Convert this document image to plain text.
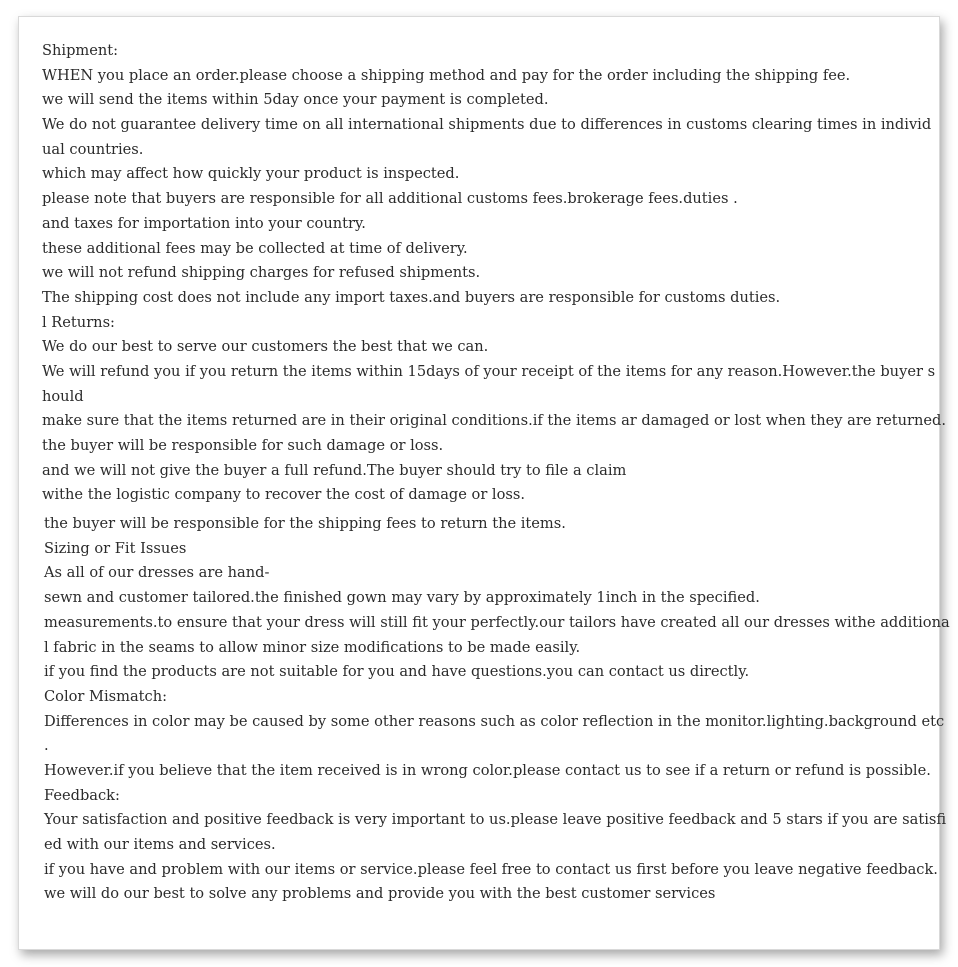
Shipment:
WHEN you place an order.please choose a shipping method and pay for the order including the shipping fee.
we will send the items within 5day once your payment is completed.
We do not guarantee delivery time on all international shipments due to differences in customs clearing times in individ
ual countries.
which may affect how quickly your product is inspected.
please note that buyers are responsible for all additional customs fees.brokerage fees.duties .
and taxes for importation into your country.
these additional fees may be collected at time of delivery.
we will not refund shipping charges for refused shipments.
The shipping cost does not include any import taxes.and buyers are responsible for customs duties.
l Returns:
We do our best to serve our customers the best that we can.
We will refund you if you return the items within 15days of your receipt of the items for any reason.However.the buyer s
hould
make sure that the items returned are in their original conditions.if the items ar damaged or lost when they are returned.
the buyer will be responsible for such damage or loss.
and we will not give the buyer a full refund.The buyer should try to file a claim
withe the logistic company to recover the cost of damage or loss.
the buyer will be responsible for the shipping fees to return the items.
Sizing or Fit Issues
As all of our dresses are hand-
sewn and customer tailored.the finished gown may vary by approximately 1inch in the specified.
measurements.to ensure that your dress will still fit your perfectly.our tailors have created all our dresses withe additiona
l fabric in the seams to allow minor size modifications to be made easily.
if you find the products are not suitable for you and have questions.you can contact us directly.
Color Mismatch:
Differences in color may be caused by some other reasons such as color reflection in the monitor.lighting.background etc
.
However.if you believe that the item received is in wrong color.please contact us to see if a return or refund is possible.
Feedback:
Your satisfaction and positive feedback is very important to us.please leave positive feedback and 5 stars if you are satisfi
ed with our items and services.
if you have and problem with our items or service.please feel free to contact us first before you leave negative feedback.
we will do our best to solve any problems and provide you with the best customer services
